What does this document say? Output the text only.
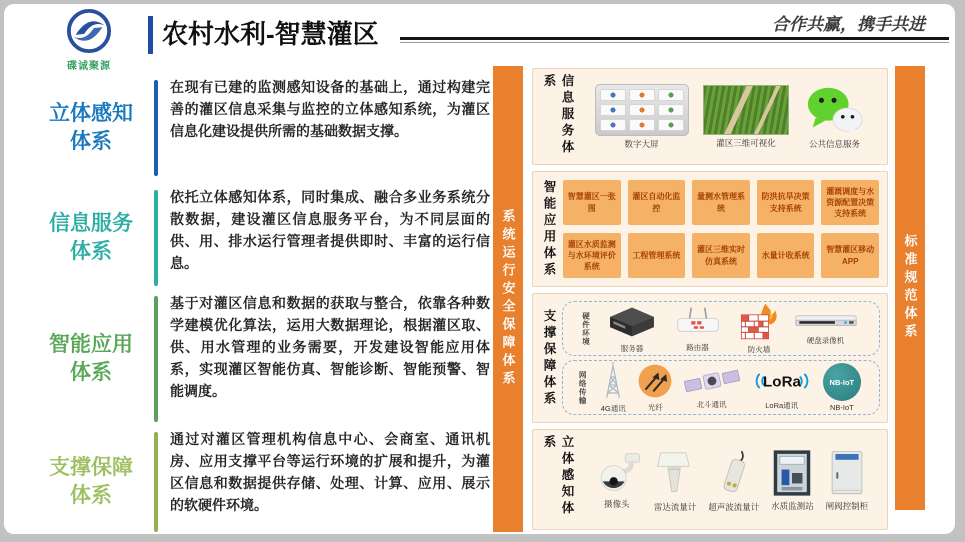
碟诚聚源
农村水利-智慧灌区	合作共赢，携手共进
立体感知
体系

在现有已建的监测感知设备的基础上，通过构建完善的灌区信息采集与监控的立体感知系统，为灌区信息化建设提供所需的基础数据支撑。

信息服务
体系

依托立体感知体系，同时集成、融合多业务系统分散数据，建设灌区信息服务平台，为不同层面的供、用、排水运行管理者提供即时、丰富的运行信息。

智能应用
体系

基于对灌区信息和数据的获取与整合，依靠各种数学建模优化算法，运用大数据理论，根据灌区取、供、用水管理的业务需要，开发建设智能应用体系，实现灌区智能仿真、智能诊断、智能预警、智能调度。

支撑保障
体系

通过对灌区管理机构信息中心、会商室、通讯机房、应用支撑平台等运行环境的扩展和提升，为灌区信息和数据提供存储、处理、计算、应用、展示的软硬件环境。

系统运行安全保障体系	标准规范体系
信息服务体系
数字大屏	灌区三维可视化	公共信息服务
智能应用体系	智慧灌区一张图
灌区自动化监控
量测水管理系统
防洪抗旱决策支持系统
灌溉调度与水资源配置决策支持系统
灌区水质监测与水环境评价系统
工程管理系统
灌区三维实时仿真系统
水量计收系统
智慧灌区移动APP
支撑保障体系	硬件环境
服务器	路由器	防火墙
硬盘录像机
网络传输
4G通讯	光纤	北斗通讯
LoRa
LoRa通讯
NB-IoT
NB-IoT
立体感知体系
摄像头	雷达流量计 超声波流量计 水质监测站 闸阀控制柜
